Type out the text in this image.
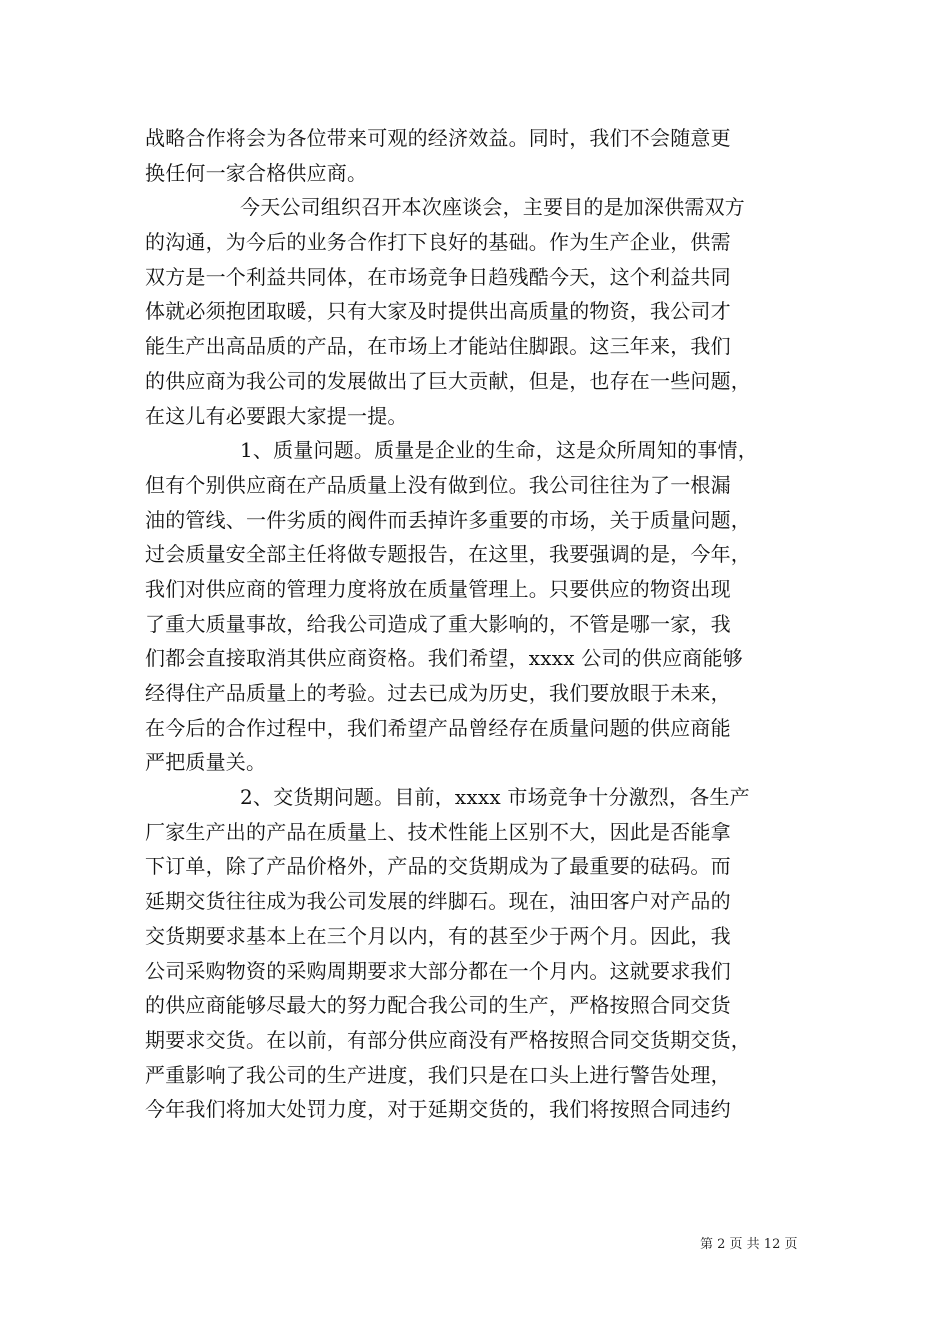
战略合作将会为各位带来可观的经济效益。同时，我们不会随意更
换任何一家合格供应商。
今天公司组织召开本次座谈会，主要目的是加深供需双方
的沟通，为今后的业务合作打下良好的基础。作为生产企业，供需
双方是一个利益共同体，在市场竞争日趋残酷今天，这个利益共同
体就必须抱团取暖，只有大家及时提供出高质量的物资，我公司才
能生产出高品质的产品，在市场上才能站住脚跟。这三年来，我们
的供应商为我公司的发展做出了巨大贡献，但是，也存在一些问题，
在这儿有必要跟大家提一提。
1、质量问题。质量是企业的生命，这是众所周知的事情，
但有个别供应商在产品质量上没有做到位。我公司往往为了一根漏
油的管线、一件劣质的阀件而丢掉许多重要的市场，关于质量问题，
过会质量安全部主任将做专题报告，在这里，我要强调的是，今年，
我们对供应商的管理力度将放在质量管理上。只要供应的物资出现
了重大质量事故，给我公司造成了重大影响的，不管是哪一家，我
们都会直接取消其供应商资格。我们希望，xxxx 公司的供应商能够
经得住产品质量上的考验。过去已成为历史，我们要放眼于未来，
在今后的合作过程中，我们希望产品曾经存在质量问题的供应商能
严把质量关。
2、交货期问题。目前，xxxx 市场竞争十分激烈，各生产
厂家生产出的产品在质量上、技术性能上区别不大，因此是否能拿
下订单，除了产品价格外，产品的交货期成为了最重要的砝码。而
延期交货往往成为我公司发展的绊脚石。现在，油田客户对产品的
交货期要求基本上在三个月以内，有的甚至少于两个月。因此，我
公司采购物资的采购周期要求大部分都在一个月内。这就要求我们
的供应商能够尽最大的努力配合我公司的生产，严格按照合同交货
期要求交货。在以前，有部分供应商没有严格按照合同交货期交货，
严重影响了我公司的生产进度，我们只是在口头上进行警告处理，
今年我们将加大处罚力度，对于延期交货的，我们将按照合同违约
第 2 页 共 12 页
